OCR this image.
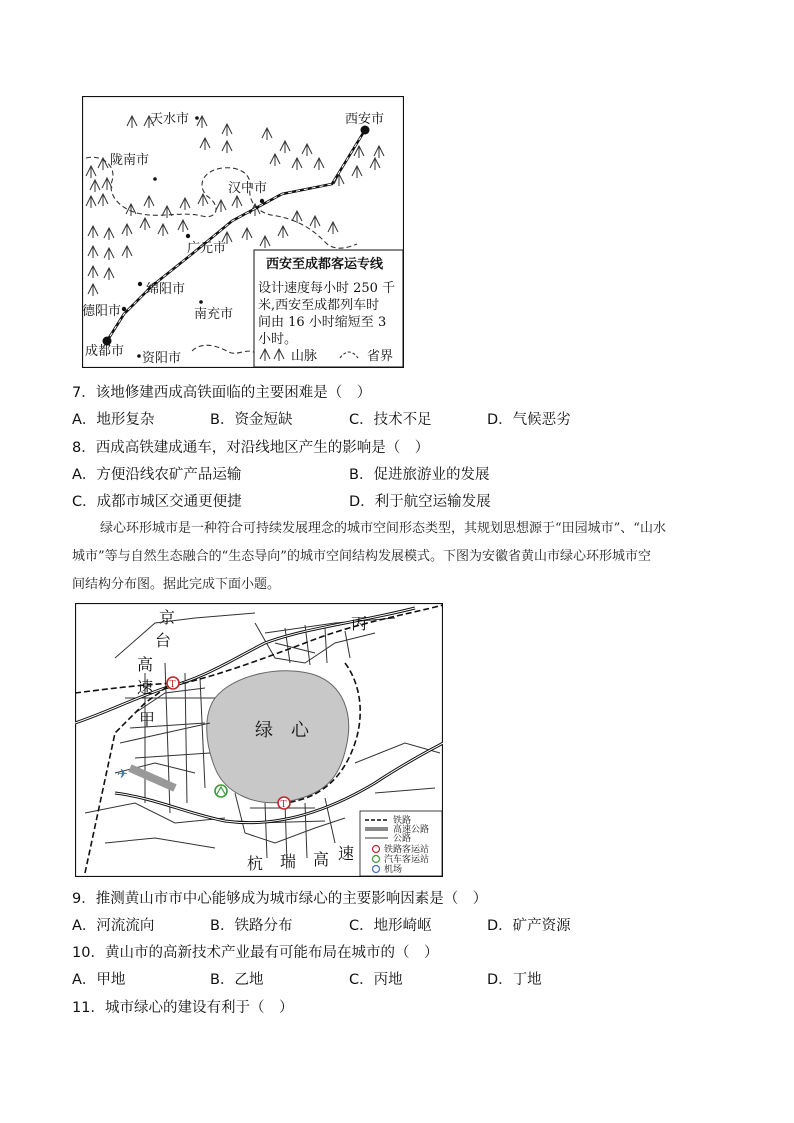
天水市	西安市
陇南市
汉中市
广元市
绵阳市
德阳市	南充市
成都市 资阳市
西安至成都客运专线
设计速度每小时 250 千
米,西安至成都列车时
间由 16 小时缩短至 3
小时。
山脉	省界
7．该地修建西成高铁面临的主要困难是（　）
A．地形复杂	B．资金短缺	C．技术不足	D．气候恶劣
8．西成高铁建成通车，对沿线地区产生的影响是（　）
A．方便沿线农矿产品运输	B．促进旅游业的发展
C．成都市城区交通更便捷	D．利于航空运输发展
绿心环形城市是一种符合可持续发展理念的城市空间形态类型，其规划思想源于“田园城市”、“山水
城市”等与自然生态融合的“生态导向”的城市空间结构发展模式。下图为安徽省黄山市绿心环形城市空
间结构分布图。据此完成下面小题。
T
T
✈
京
台
高
速
甲
丙
绿　心
杭 瑞 高 速
铁路
高速公路
公路
铁路客运站
汽车客运站
机场
9．推测黄山市市中心能够成为城市绿心的主要影响因素是（　）
A．河流流向	B．铁路分布	C．地形崎岖	D．矿产资源
10．黄山市的高新技术产业最有可能布局在城市的（　）
A．甲地	B．乙地	C．丙地	D．丁地
11．城市绿心的建设有利于（　）
